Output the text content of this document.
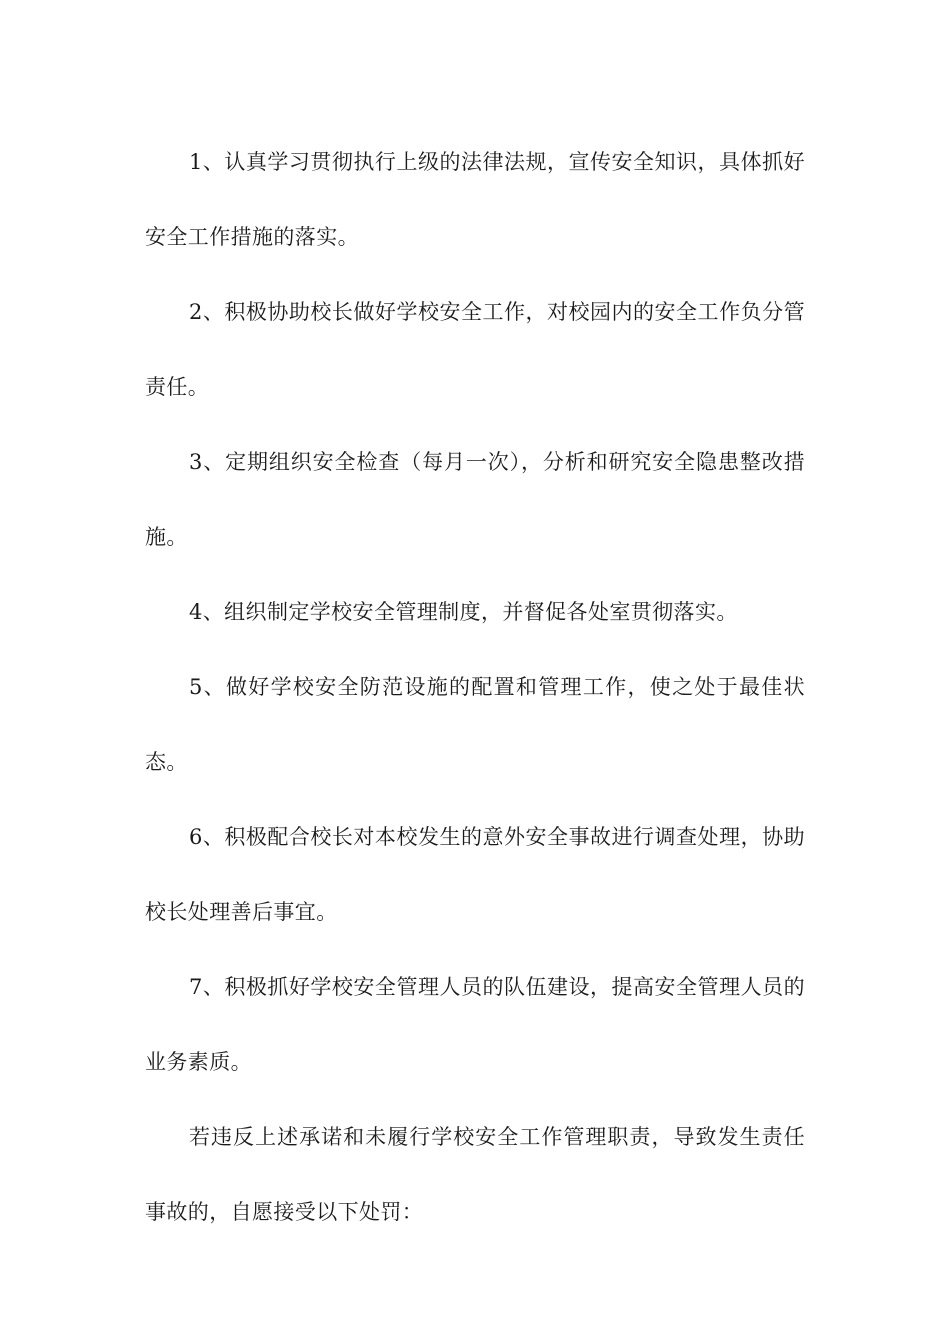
1、认真学习贯彻执行上级的法律法规，宣传安全知识，具体抓好安全工作措施的落实。

2、积极协助校长做好学校安全工作，对校园内的安全工作负分管责任。

3、定期组织安全检查（每月一次），分析和研究安全隐患整改措施。

4、组织制定学校安全管理制度，并督促各处室贯彻落实。

5、做好学校安全防范设施的配置和管理工作，使之处于最佳状态。

6、积极配合校长对本校发生的意外安全事故进行调查处理，协助校长处理善后事宜。

7、积极抓好学校安全管理人员的队伍建设，提高安全管理人员的业务素质。

若违反上述承诺和未履行学校安全工作管理职责，导致发生责任事故的，自愿接受以下处罚：
